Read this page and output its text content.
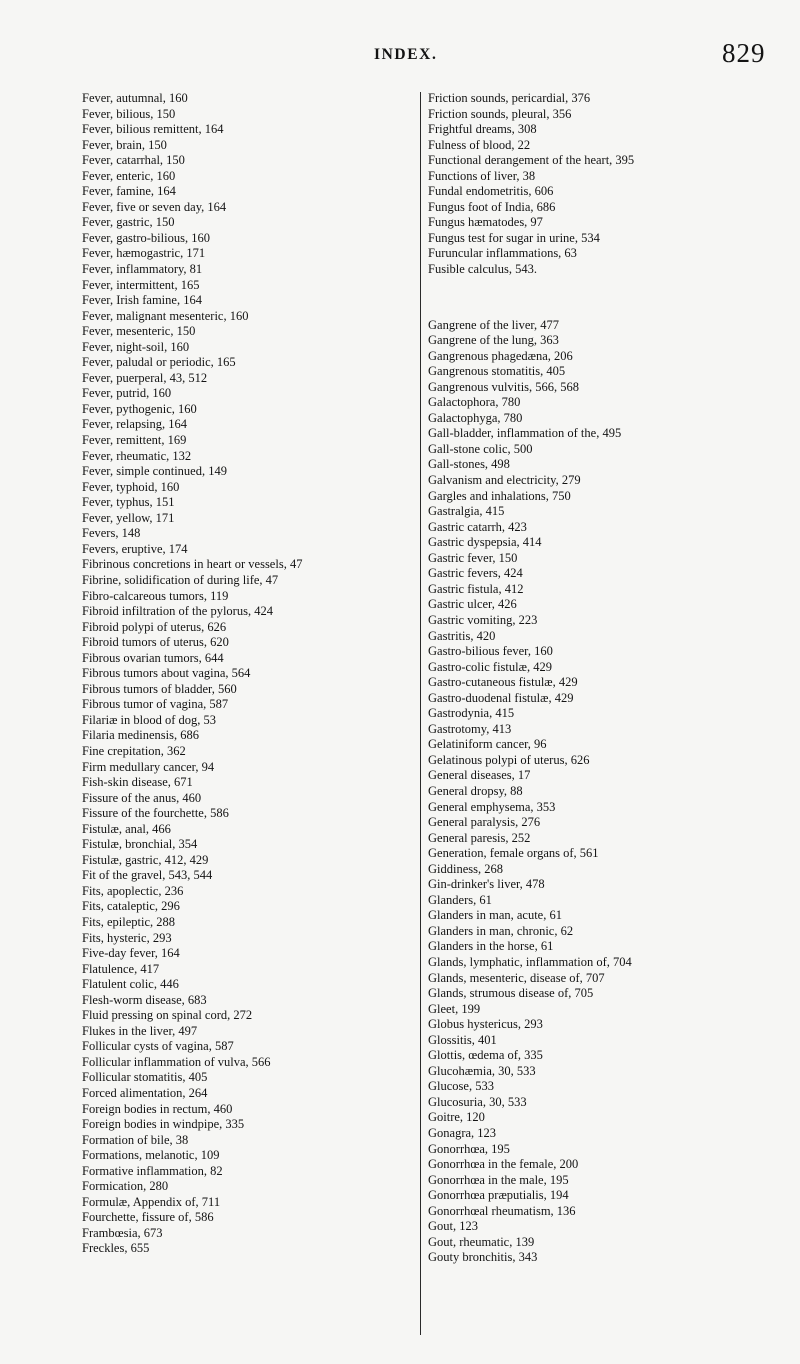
INDEX.	829
Fever, autumnal, 160
Fever, bilious, 150
Fever, bilious remittent, 164
Fever, brain, 150
Fever, catarrhal, 150
Fever, enteric, 160
Fever, famine, 164
Fever, five or seven day, 164
Fever, gastric, 150
Fever, gastro-bilious, 160
Fever, hæmogastric, 171
Fever, inflammatory, 81
Fever, intermittent, 165
Fever, Irish famine, 164
Fever, malignant mesenteric, 160
Fever, mesenteric, 150
Fever, night-soil, 160
Fever, paludal or periodic, 165
Fever, puerperal, 43, 512
Fever, putrid, 160
Fever, pythogenic, 160
Fever, relapsing, 164
Fever, remittent, 169
Fever, rheumatic, 132
Fever, simple continued, 149
Fever, typhoid, 160
Fever, typhus, 151
Fever, yellow, 171
Fevers, 148
Fevers, eruptive, 174
Fibrinous concretions in heart or vessels, 47
Fibrine, solidification of during life, 47
Fibro-calcareous tumors, 119
Fibroid infiltration of the pylorus, 424
Fibroid polypi of uterus, 626
Fibroid tumors of uterus, 620
Fibrous ovarian tumors, 644
Fibrous tumors about vagina, 564
Fibrous tumors of bladder, 560
Fibrous tumor of vagina, 587
Filariæ in blood of dog, 53
Filaria medinensis, 686
Fine crepitation, 362
Firm medullary cancer, 94
Fish-skin disease, 671
Fissure of the anus, 460
Fissure of the fourchette, 586
Fistulæ, anal, 466
Fistulæ, bronchial, 354
Fistulæ, gastric, 412, 429
Fit of the gravel, 543, 544
Fits, apoplectic, 236
Fits, cataleptic, 296
Fits, epileptic, 288
Fits, hysteric, 293
Five-day fever, 164
Flatulence, 417
Flatulent colic, 446
Flesh-worm disease, 683
Fluid pressing on spinal cord, 272
Flukes in the liver, 497
Follicular cysts of vagina, 587
Follicular inflammation of vulva, 566
Follicular stomatitis, 405
Forced alimentation, 264
Foreign bodies in rectum, 460
Foreign bodies in windpipe, 335
Formation of bile, 38
Formations, melanotic, 109
Formative inflammation, 82
Formication, 280
Formulæ, Appendix of, 711
Fourchette, fissure of, 586
Frambœsia, 673
Freckles, 655
Friction sounds, pericardial, 376
Friction sounds, pleural, 356
Frightful dreams, 308
Fulness of blood, 22
Functional derangement of the heart, 395
Functions of liver, 38
Fundal endometritis, 606
Fungus foot of India, 686
Fungus hæmatodes, 97
Fungus test for sugar in urine, 534
Furuncular inflammations, 63
Fusible calculus, 543.
Gangrene of the liver, 477
Gangrene of the lung, 363
Gangrenous phagedæna, 206
Gangrenous stomatitis, 405
Gangrenous vulvitis, 566, 568
Galactophora, 780
Galactophyga, 780
Gall-bladder, inflammation of the, 495
Gall-stone colic, 500
Gall-stones, 498
Galvanism and electricity, 279
Gargles and inhalations, 750
Gastralgia, 415
Gastric catarrh, 423
Gastric dyspepsia, 414
Gastric fever, 150
Gastric fevers, 424
Gastric fistula, 412
Gastric ulcer, 426
Gastric vomiting, 223
Gastritis, 420
Gastro-bilious fever, 160
Gastro-colic fistulæ, 429
Gastro-cutaneous fistulæ, 429
Gastro-duodenal fistulæ, 429
Gastrodynia, 415
Gastrotomy, 413
Gelatiniform cancer, 96
Gelatinous polypi of uterus, 626
General diseases, 17
General dropsy, 88
General emphysema, 353
General paralysis, 276
General paresis, 252
Generation, female organs of, 561
Giddiness, 268
Gin-drinker's liver, 478
Glanders, 61
Glanders in man, acute, 61
Glanders in man, chronic, 62
Glanders in the horse, 61
Glands, lymphatic, inflammation of, 704
Glands, mesenteric, disease of, 707
Glands, strumous disease of, 705
Gleet, 199
Globus hystericus, 293
Glossitis, 401
Glottis, œdema of, 335
Glucohæmia, 30, 533
Glucose, 533
Glucosuria, 30, 533
Goitre, 120
Gonagra, 123
Gonorrhœa, 195
Gonorrhœa in the female, 200
Gonorrhœa in the male, 195
Gonorrhœa præputialis, 194
Gonorrhœal rheumatism, 136
Gout, 123
Gout, rheumatic, 139
Gouty bronchitis, 343
